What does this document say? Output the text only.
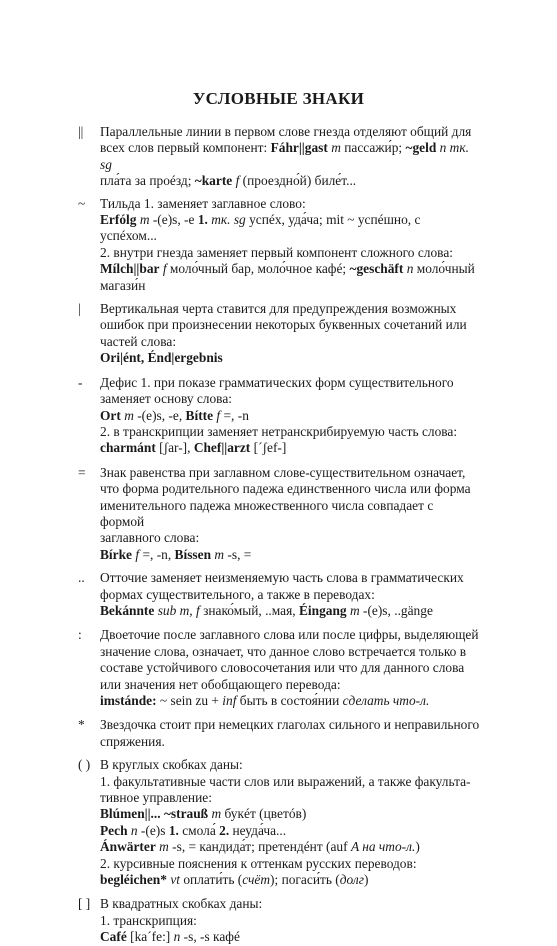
УСЛОВНЫЕ ЗНАКИ
||	Параллельные линии в первом слове гнезда отделяют общий для
всех слов первый компонент: Fáhr||gast m пассажи́р; ~geld n тк. sg
пла́та за проéзд; ~karte f (проездно́й) биле́т...
~	Тильда 1. заменяет заглавное слово:
Erfólg m -(e)s, -e 1. тк. sg успéх, уда́ча; mit ~ успéшно, с успéхом...
2. внутри гнезда заменяет первый компонент сложного слова:
Mílch||bar f моло́чный бар, моло́чное кафé; ~geschäft n моло́чный
магази́н
|	Вертикальная черта ставится для предупреждения возможных
ошибок при произнесении некоторых буквенных сочетаний или
частей слова:
Ori|ént, Énd|ergebnis
-	Дефис 1. при показе грамматических форм существительного
заменяет основу слова:
Ort m -(e)s, -e, Bítte f =, -n
2. в транскрипции заменяет нетранскрибируемую часть слова:
charmánt [ʃar-], Chef||arzt [ˊʃef-]
=	Знак равенства при заглавном слове-существительном означает,
что форма родительного падежа единственного числа или форма
именительного падежа множественного числа совпадает с формой
заглавного слова:
Bírke f =, -n, Bíssen m -s, =
..	Отточие заменяет неизменяемую часть слова в грамматических
формах существительного, а также в переводах:
Bekánnte sub m, f знако́мый, ..мая, Éingang m -(e)s, ..gänge
:	Двоеточие после заглавного слова или после цифры, выделяющей
значение слова, означает, что данное слово встречается только в
составе устойчивого словосочетания или что для данного слова
или значения нет обобщающего перевода:
imstánde: ~ sein zu + inf быть в состоя́нии сделать что-л.
*	Звездочка стоит при немецких глаголах сильного и неправильного
спряжения.
( ) В круглых скобках даны:
1. факультативные части слов или выражений, а также факульта-
тивное управление:
Blúmen||... ~strauß m букéт (цветóв)
Pech n -(e)s 1. смола́ 2. неуда́ча...
Ánwärter m -s, = кандида́т; претендéнт (auf A на что-л.)
2. курсивные пояснения к оттенкам русских переводов:
begléichen* vt оплати́ть (счёт); погаси́ть (долг)
[ ] В квадратных скобках даны:
1. транскрипция:
Café [kaˊfe:] n -s, -s кафé
